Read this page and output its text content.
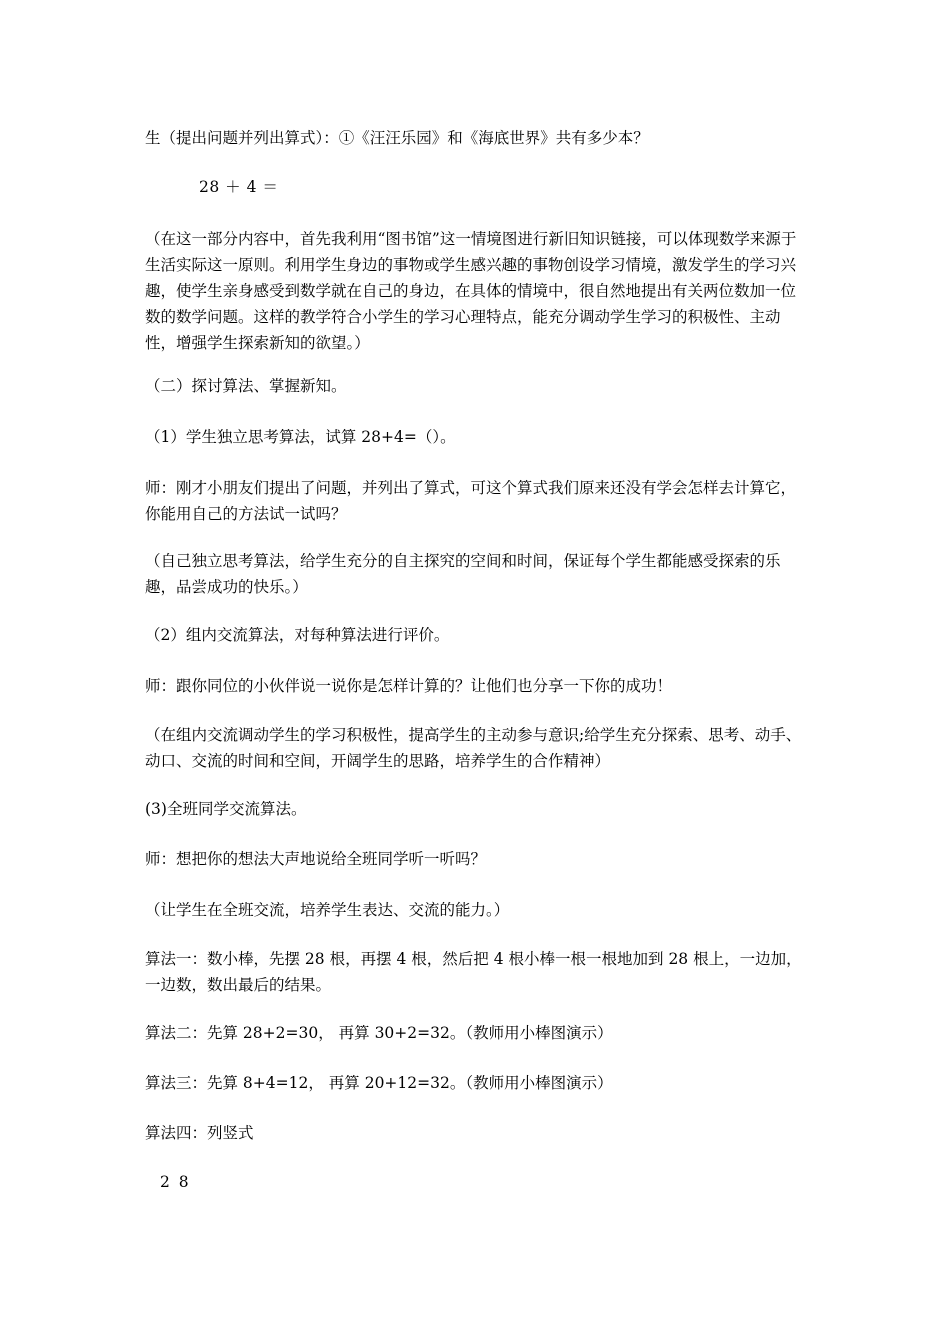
生（提出问题并列出算式）：①《汪汪乐园》和《海底世界》共有多少本？
28 ＋ 4 ＝
（在这一部分内容中，首先我利用“图书馆”这一情境图进行新旧知识链接，可以体现数学来源于生活实际这一原则。利用学生身边的事物或学生感兴趣的事物创设学习情境，激发学生的学习兴趣，使学生亲身感受到数学就在自己的身边，在具体的情境中，很自然地提出有关两位数加一位数的数学问题。这样的教学符合小学生的学习心理特点，能充分调动学生学习的积极性、主动性，增强学生探索新知的欲望。）
（二）探讨算法、掌握新知。
（1）学生独立思考算法，试算 28+4=（）。
师：刚才小朋友们提出了问题，并列出了算式，可这个算式我们原来还没有学会怎样去计算它，你能用自己的方法试一试吗？
（自己独立思考算法，给学生充分的自主探究的空间和时间，保证每个学生都能感受探索的乐趣，品尝成功的快乐。）
（2）组内交流算法，对每种算法进行评价。
师：跟你同位的小伙伴说一说你是怎样计算的？让他们也分享一下你的成功！
（在组内交流调动学生的学习积极性，提高学生的主动参与意识;给学生充分探索、思考、动手、动口、交流的时间和空间，开阔学生的思路，培养学生的合作精神）
(3)全班同学交流算法。
师：想把你的想法大声地说给全班同学听一听吗？
（让学生在全班交流，培养学生表达、交流的能力。）
算法一：数小棒，先摆 28 根，再摆 4 根，然后把 4 根小棒一根一根地加到 28 根上，一边加，一边数，数出最后的结果。
算法二：先算 28+2=30， 再算 30+2=32。（教师用小棒图演示）
算法三：先算 8+4=12， 再算 20+12=32。（教师用小棒图演示）
算法四：列竖式
2 8
